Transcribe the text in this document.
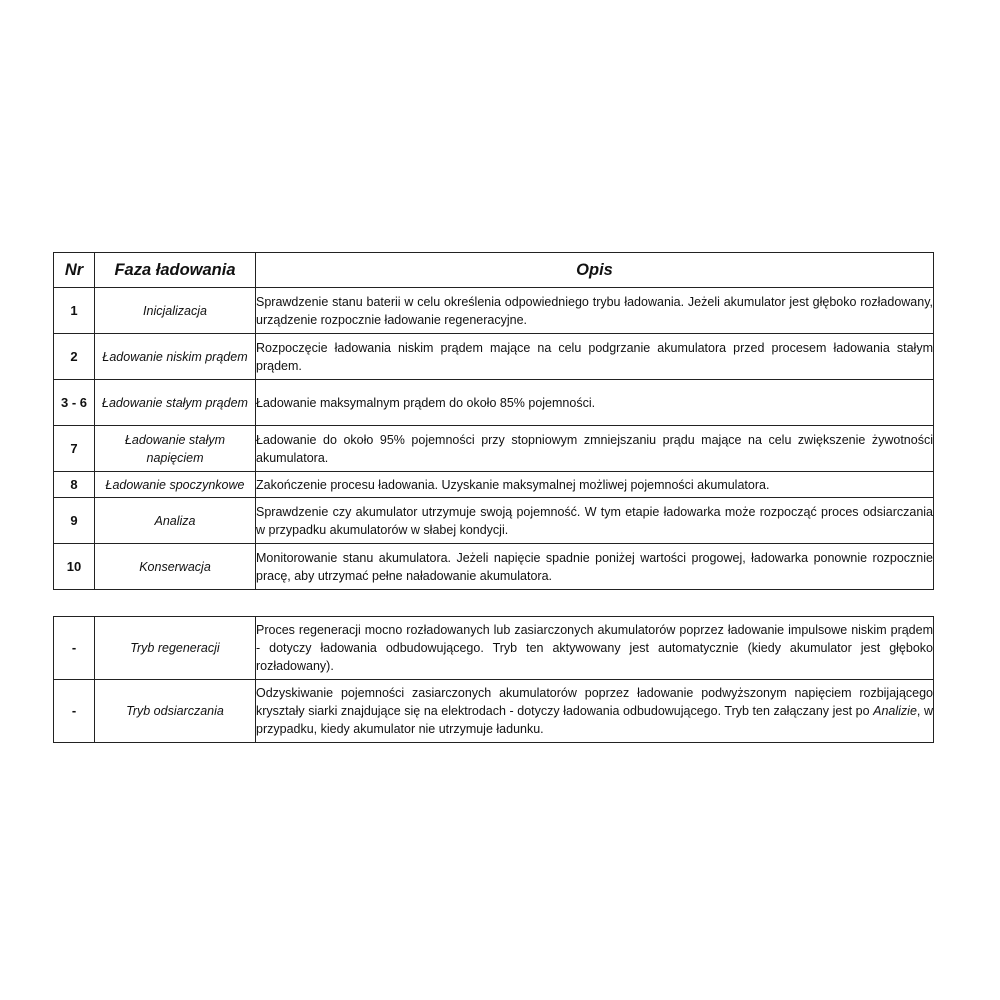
Nr	Faza ładowania	Opis
1	Inicjalizacja	Sprawdzenie stanu baterii w celu określenia odpowiedniego trybu ładowania. Jeżeli akumulator jest głęboko rozładowany, urządzenie rozpocznie ładowanie regeneracyjne.
2	Ładowanie niskim prądem	Rozpoczęcie ładowania niskim prądem mające na celu podgrzanie akumulatora przed procesem ładowania stałym prądem.
3 - 6	Ładowanie stałym prądem	Ładowanie maksymalnym prądem do około 85% pojemności.
7	Ładowanie stałym napięciem	Ładowanie do około 95% pojemności przy stopniowym zmniejszaniu prądu mające na celu zwiększenie żywotności akumulatora.
8	Ładowanie spoczynkowe	Zakończenie procesu ładowania. Uzyskanie maksymalnej możliwej pojemności akumulatora.
9	Analiza	Sprawdzenie czy akumulator utrzymuje swoją pojemność. W tym etapie ładowarka może rozpocząć proces odsiarczania w przypadku akumulatorów w słabej kondycji.
10	Konserwacja	Monitorowanie stanu akumulatora. Jeżeli napięcie spadnie poniżej wartości progowej, ładowarka ponownie rozpocznie pracę, aby utrzymać pełne naładowanie akumulatora.
-	Tryb regeneracji	Proces regeneracji mocno rozładowanych lub zasiarczonych akumulatorów poprzez ładowanie impulsowe niskim prądem - dotyczy ładowania odbudowującego. Tryb ten aktywowany jest automatycznie (kiedy akumulator jest głęboko rozładowany).
-	Tryb odsiarczania	Odzyskiwanie pojemności zasiarczonych akumulatorów poprzez ładowanie podwyższonym napięciem rozbijającego kryształy siarki znajdujące się na elektrodach - dotyczy ładowania odbudowującego. Tryb ten załączany jest po Analizie, w przypadku, kiedy akumulator nie utrzymuje ładunku.
